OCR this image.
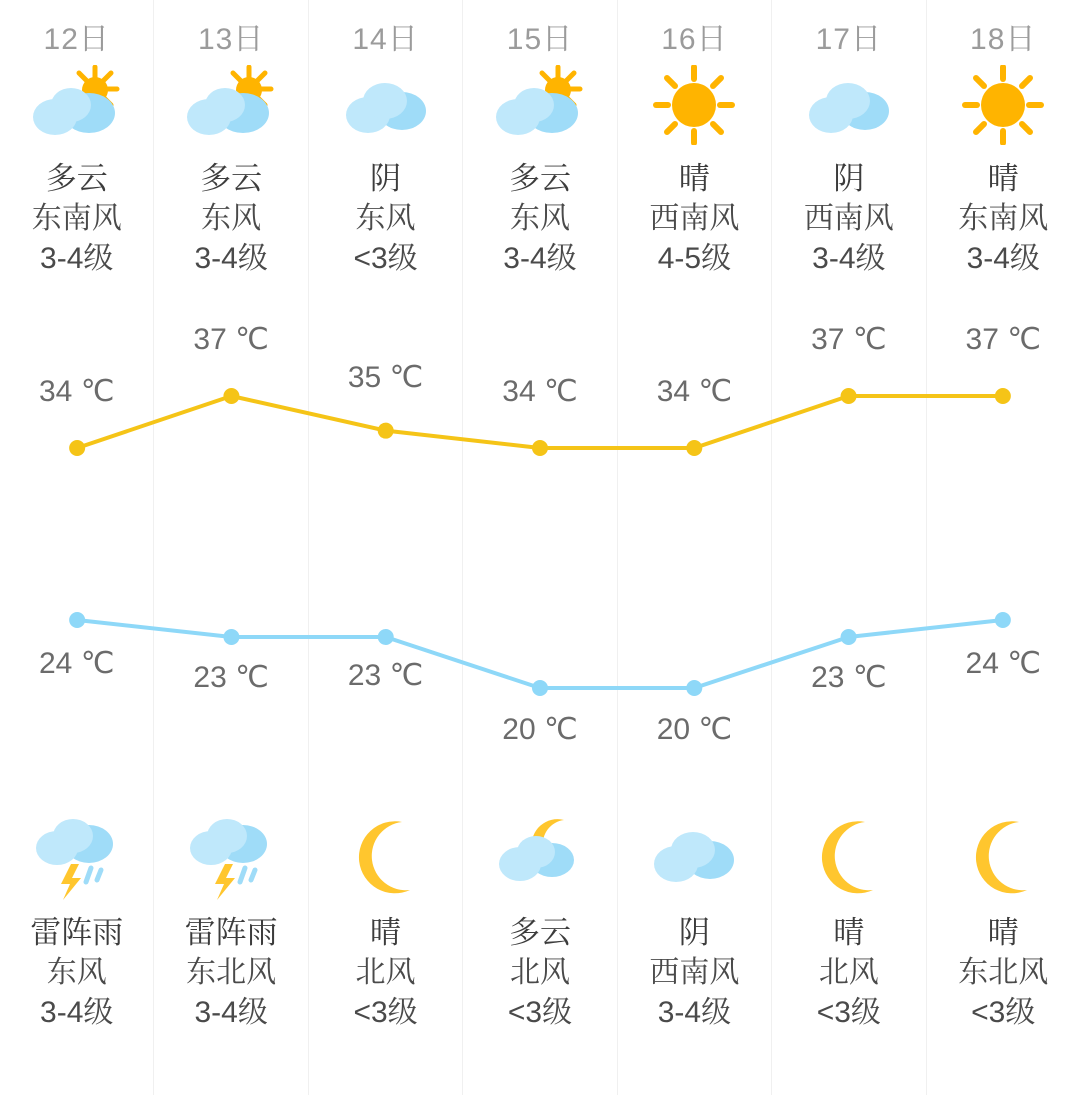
12日
多云
东南风
3-4级
34 ℃
24 ℃
雷阵雨
东风
3-4级
13日
多云
东风
3-4级
37 ℃
23 ℃
雷阵雨
东北风
3-4级
14日
阴
东风
<3级
35 ℃
23 ℃
晴
北风
<3级
15日
多云
东风
3-4级
34 ℃
20 ℃
多云
北风
<3级
16日
晴
西南风
4-5级
34 ℃
20 ℃
阴
西南风
3-4级
17日
阴
西南风
3-4级
37 ℃
23 ℃
晴
北风
<3级
18日
晴
东南风
3-4级
37 ℃
24 ℃
晴
东北风
<3级
